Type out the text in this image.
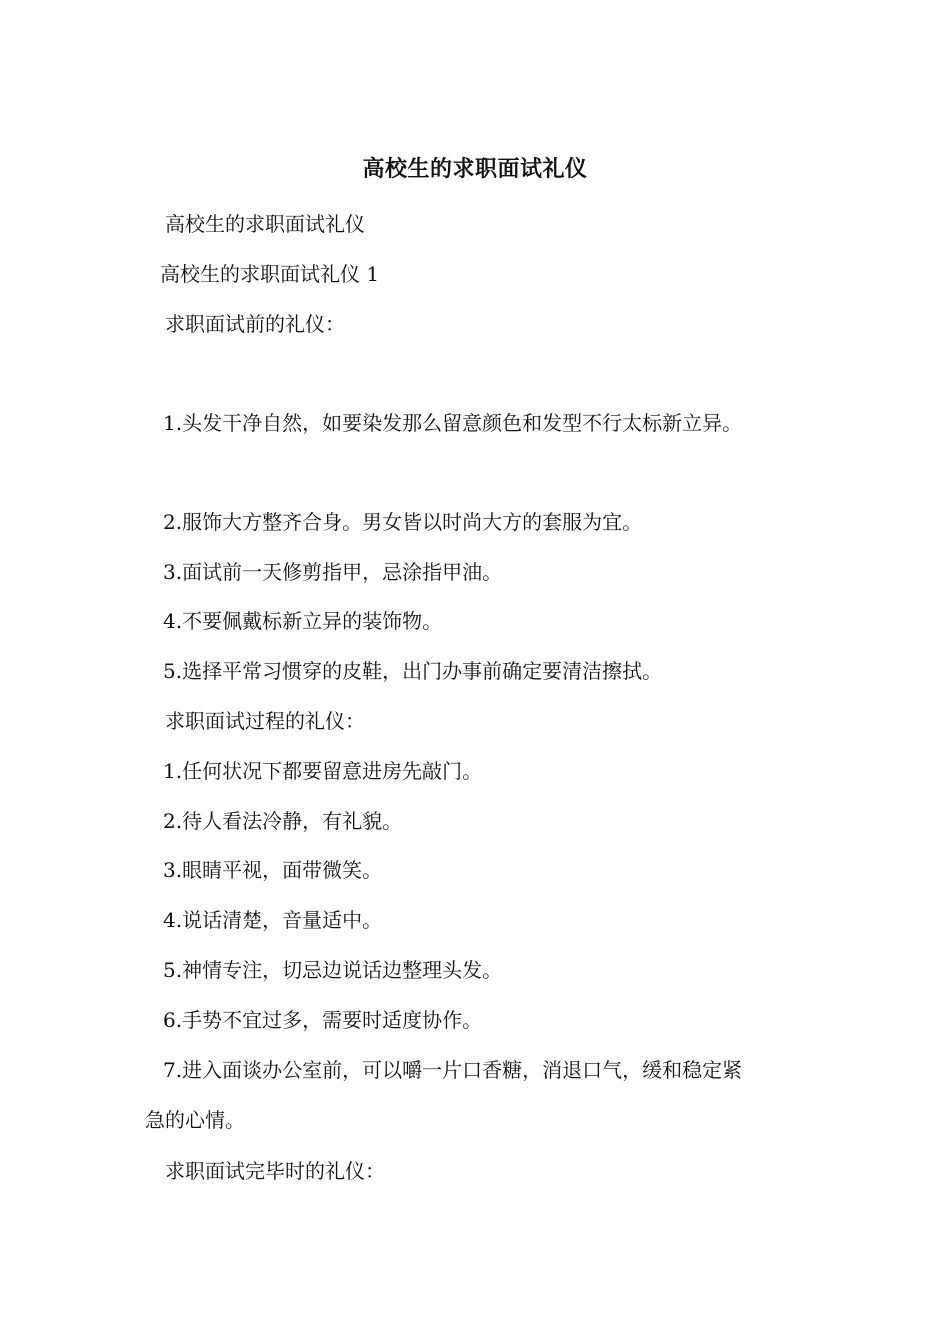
高校生的求职面试礼仪
高校生的求职面试礼仪
高校生的求职面试礼仪 1
求职面试前的礼仪：
1.头发干净自然，如要染发那么留意颜色和发型不行太标新立异。
2.服饰大方整齐合身。男女皆以时尚大方的套服为宜。
3.面试前一天修剪指甲，忌涂指甲油。
4.不要佩戴标新立异的装饰物。
5.选择平常习惯穿的皮鞋，出门办事前确定要清洁擦拭。
求职面试过程的礼仪：
1.任何状况下都要留意进房先敲门。
2.待人看法冷静，有礼貌。
3.眼睛平视，面带微笑。
4.说话清楚，音量适中。
5.神情专注，切忌边说话边整理头发。
6.手势不宜过多，需要时适度协作。
7.进入面谈办公室前，可以嚼一片口香糖，消退口气，缓和稳定紧
急的心情。
求职面试完毕时的礼仪：
